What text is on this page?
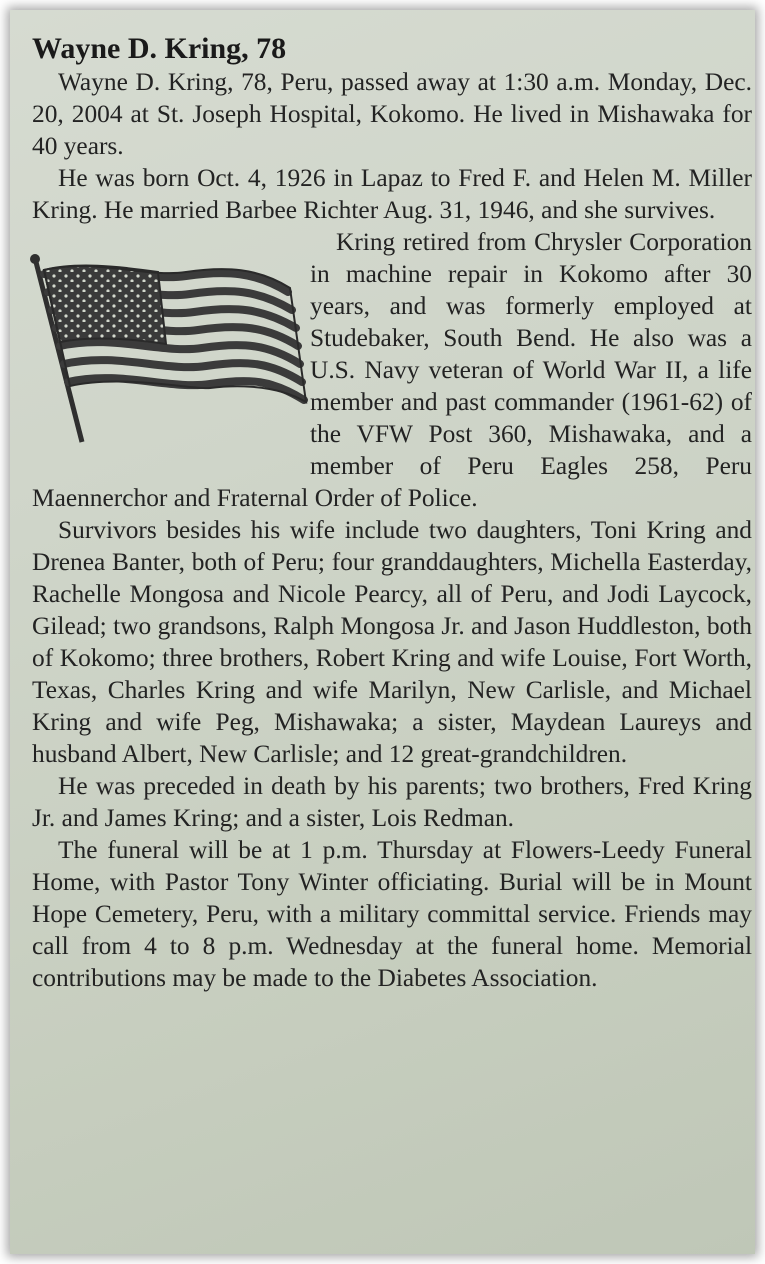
Wayne D. Kring, 78

Wayne D. Kring, 78, Peru, passed away at 1:30 a.m. Monday, Dec. 20, 2004 at St. Joseph Hospital, Kokomo. He lived in Mishawaka for 40 years.

He was born Oct. 4, 1926 in Lapaz to Fred F. and Helen M. Miller Kring. He married Barbee Richter Aug. 31, 1946, and she survives.

Kring retired from Chrysler Corporation in machine repair in Kokomo after 30 years, and was formerly employed at Studebaker, South Bend. He also was a U.S. Navy veteran of World War II, a life member and past commander (1961-62) of the VFW Post 360, Mishawaka, and a member of Peru Eagles 258, Peru Maennerchor and Fraternal Order of Police.

Survivors besides his wife include two daughters, Toni Kring and Drenea Banter, both of Peru; four granddaughters, Michella Easterday, Rachelle Mongosa and Nicole Pearcy, all of Peru, and Jodi Laycock, Gilead; two grandsons, Ralph Mongosa Jr. and Jason Huddleston, both of Kokomo; three brothers, Robert Kring and wife Louise, Fort Worth, Texas, Charles Kring and wife Marilyn, New Carlisle, and Michael Kring and wife Peg, Mishawaka; a sister, Maydean Laureys and husband Albert, New Carlisle; and 12 great-grandchildren.

He was preceded in death by his parents; two brothers, Fred Kring Jr. and James Kring; and a sister, Lois Redman.

The funeral will be at 1 p.m. Thursday at Flowers-Leedy Funeral Home, with Pastor Tony Winter officiating. Burial will be in Mount Hope Cemetery, Peru, with a military committal service. Friends may call from 4 to 8 p.m. Wednesday at the funeral home. Memorial contributions may be made to the Diabetes Association.
